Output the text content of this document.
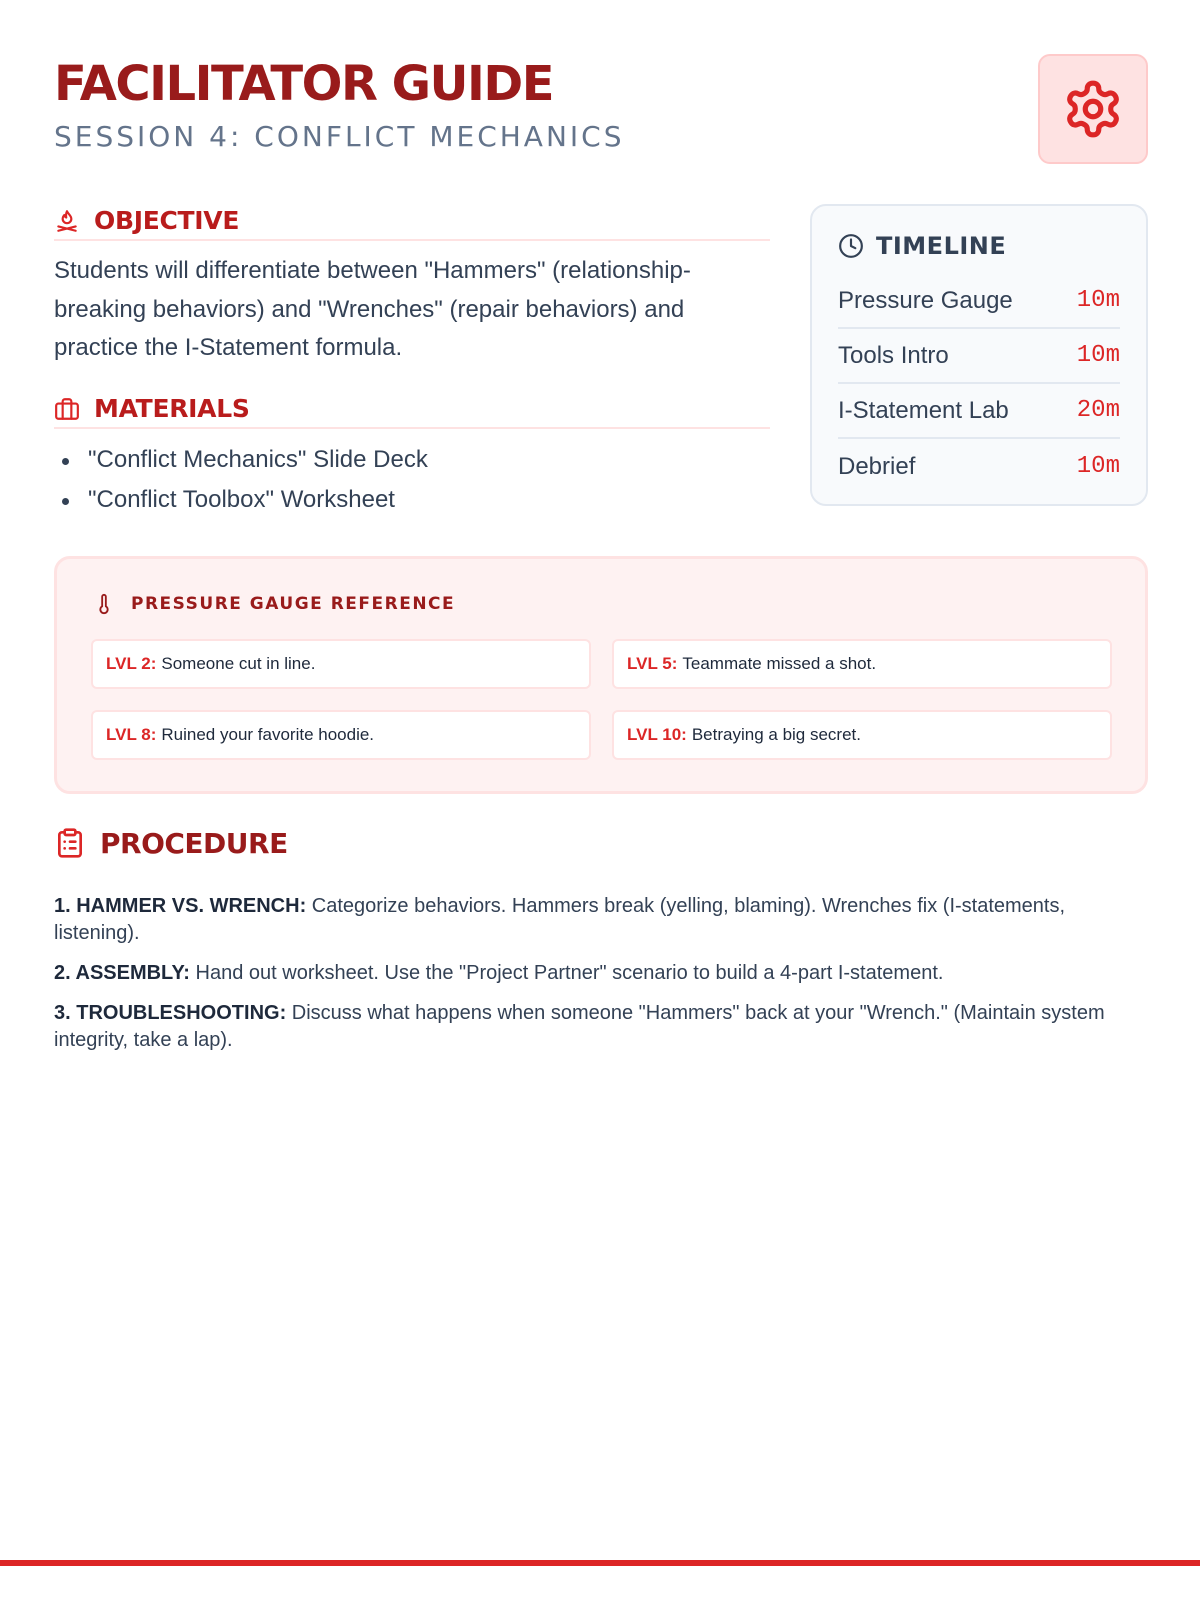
FACILITATOR GUIDE
SESSION 4: CONFLICT MECHANICS
OBJECTIVE
Students will differentiate between "Hammers" (relationship-breaking behaviors) and "Wrenches" (repair behaviors) and practice the I-Statement formula.
MATERIALS
"Conflict Mechanics" Slide Deck
"Conflict Toolbox" Worksheet
TIMELINE
Pressure Gauge	10m
Tools Intro	10m
I-Statement Lab	20m
Debrief	10m
PRESSURE GAUGE REFERENCE
LVL 2: Someone cut in line.	LVL 5: Teammate missed a shot.
LVL 8: Ruined your favorite hoodie.	LVL 10: Betraying a big secret.
PROCEDURE

1. HAMMER VS. WRENCH: Categorize behaviors. Hammers break (yelling, blaming). Wrenches fix (I-statements, listening).

2. ASSEMBLY: Hand out worksheet. Use the "Project Partner" scenario to build a 4-part I-statement.

3. TROUBLESHOOTING: Discuss what happens when someone "Hammers" back at your "Wrench." (Maintain system integrity, take a lap).
